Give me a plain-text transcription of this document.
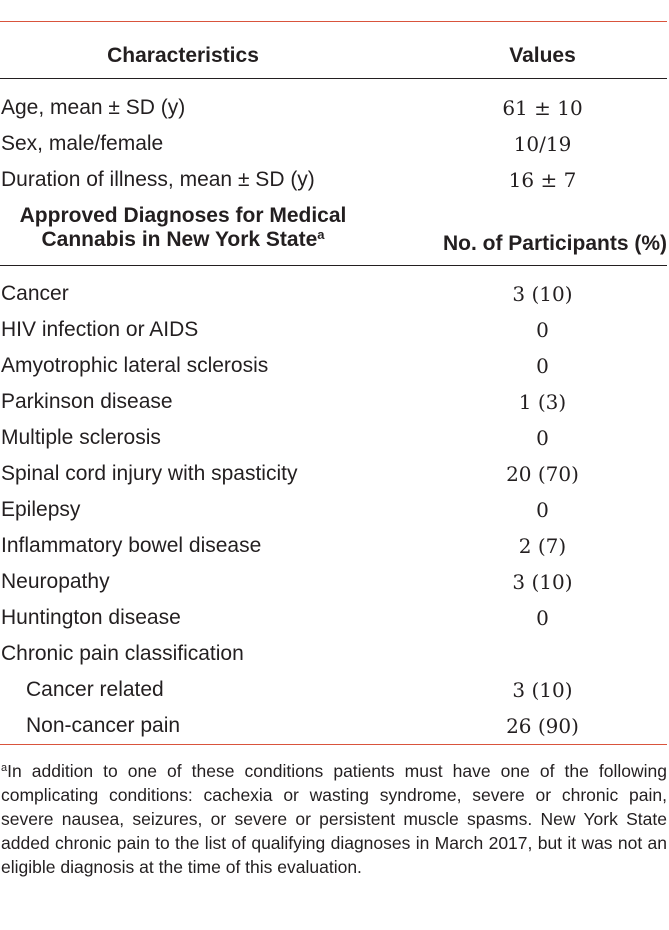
Characteristics	Values
Age, mean ± SD (y)	61 ± 10
Sex, male/female	10/19
Duration of illness, mean ± SD (y)	16 ± 7
Approved Diagnoses for Medical
Cannabis in New York State$^a$	No. of Participants (%)
Cancer	3 (10)
HIV infection or AIDS	0
Amyotrophic lateral sclerosis	0
Parkinson disease	1 (3)
Multiple sclerosis	0
Spinal cord injury with spasticity	20 (70)
Epilepsy	0
Inflammatory bowel disease	2 (7)
Neuropathy	3 (10)
Huntington disease	0
Chronic pain classification
Cancer related	3 (10)
Non-cancer pain	26 (90)
$^a$In addition to one of these conditions patients must have one of the following complicating conditions: cachexia or wasting syndrome, severe or chronic pain, severe nausea, seizures, or severe or persistent muscle spasms. New York State added chronic pain to the list of qualifying diagnoses in March 2017, but it was not an eligible diagnosis at the time of this evaluation.
